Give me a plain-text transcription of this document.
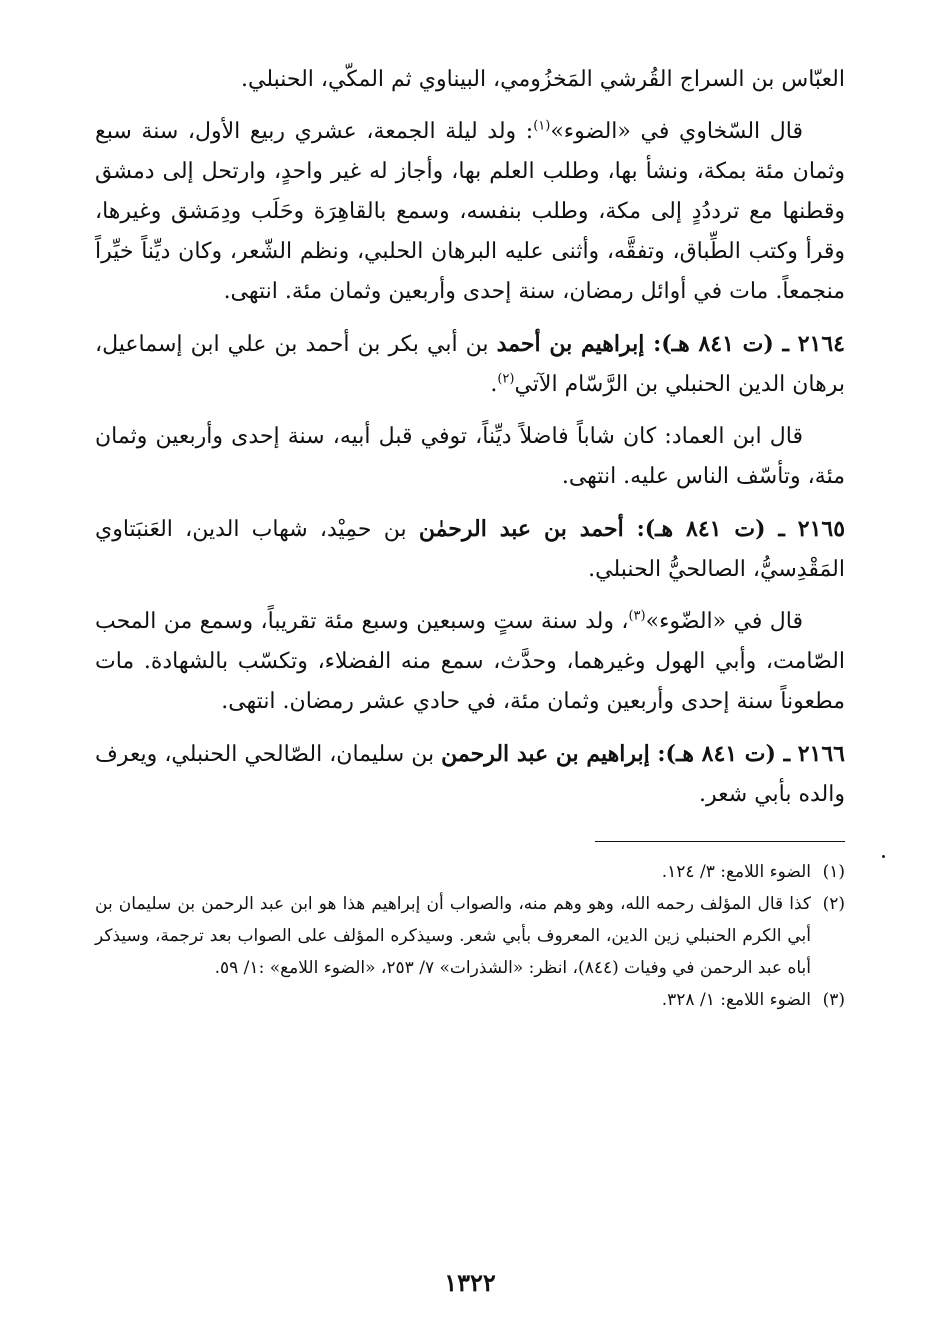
العبّاس بن السراج القُرشي المَخزُومي، البيناوي ثم المكّي، الحنبلي.

قال السّخاوي في «الضوء»$^{(١)}$: ولد ليلة الجمعة، عشري ربيع الأول، سنة سبع وثمان مئة بمكة، ونشأ بها، وطلب العلم بها، وأجاز له غير واحدٍ، وارتحل إلى دمشق وقطنها مع ترددُدٍ إلى مكة، وطلب بنفسه، وسمع بالقاهِرَة وحَلَب ودِمَشق وغيرها، وقرأ وكتب الطِّباق، وتفقَّه، وأثنى عليه البرهان الحلبي، ونظم الشّعر، وكان ديِّناً خيِّراً منجمعاً. مات في أوائل رمضان، سنة إحدى وأربعين وثمان مئة. انتهى.

٢١٦٤ ـ (ت ٨٤١ هـ): إبراهيم بن أحمد بن أبي بكر بن أحمد بن علي ابن إسماعيل، برهان الدين الحنبلي بن الرَّسّام الآتي$^{(٢)}$.

قال ابن العماد: كان شاباً فاضلاً ديِّناً، توفي قبل أبيه، سنة إحدى وأربعين وثمان مئة، وتأسّف الناس عليه. انتهى.

٢١٦٥ ـ (ت ٨٤١ هـ): أحمد بن عبد الرحمٰن بن حمِيْد، شهاب الدين، العَنبَتاوي المَقْدِسيُّ، الصالحيُّ الحنبلي.

قال في «الضّوء»$^{(٣)}$، ولد سنة ستٍ وسبعين وسبع مئة تقريباً، وسمع من المحب الصّامت، وأبي الهول وغيرهما، وحدَّث، سمع منه الفضلاء، وتكسّب بالشهادة. مات مطعوناً سنة إحدى وأربعين وثمان مئة، في حادي عشر رمضان. انتهى.

٢١٦٦ ـ (ت ٨٤١ هـ): إبراهيم بن عبد الرحمن بن سليمان، الصّالحي الحنبلي، ويعرف والده بأبي شعر.

(١)
الضوء اللامع: ٣/ ١٢٤.
(٢)
كذا قال المؤلف رحمه الله، وهو وهم منه، والصواب أن إبراهيم هذا هو ابن عبد الرحمن بن سليمان بن أبي الكرم الحنبلي زين الدين، المعروف بأبي شعر. وسيذكره المؤلف على الصواب بعد ترجمة، وسيذكر أباه عبد الرحمن في وفيات (٨٤٤)، انظر: «الشذرات» ٧/ ٢٥٣، «الضوء اللامع» :١/ ٥٩.
(٣)
الضوء اللامع: ١/ ٣٢٨.
١٣٢٢
